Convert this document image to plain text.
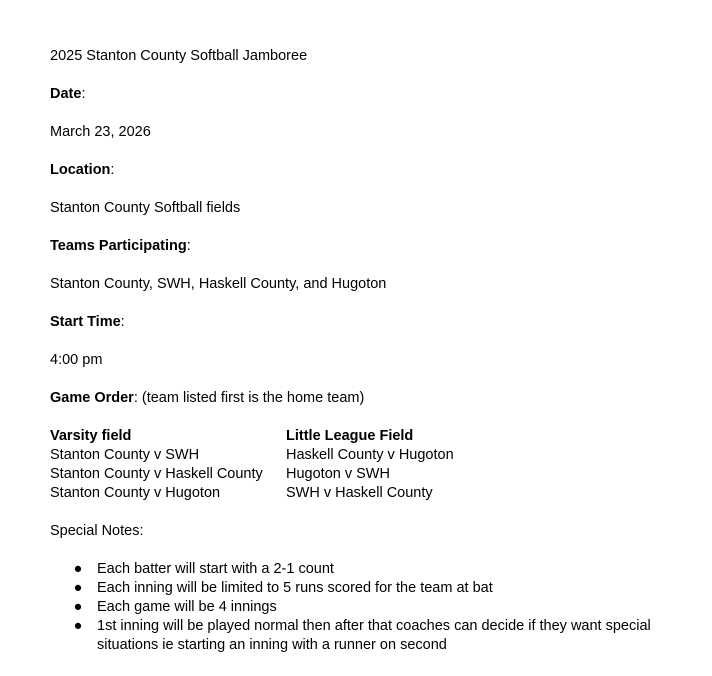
2025 Stanton County Softball Jamboree

Date:

March 23, 2026

Location:

Stanton County Softball fields

Teams Participating:

Stanton County, SWH, Haskell County, and Hugoton

Start Time:

4:00 pm

Game Order: (team listed first is the home team)

Varsity field

Stanton County v SWH

Stanton County v Haskell County

Stanton County v Hugoton

Little League Field

Haskell County v Hugoton

Hugoton v SWH

SWH v Haskell County

Special Notes:

● Each batter will start with a 2-1 count
● Each inning will be limited to 5 runs scored for the team at bat
● Each game will be 4 innings
● 1st inning will be played normal then after that coaches can decide if they want special situations ie starting an inning with a runner on second
